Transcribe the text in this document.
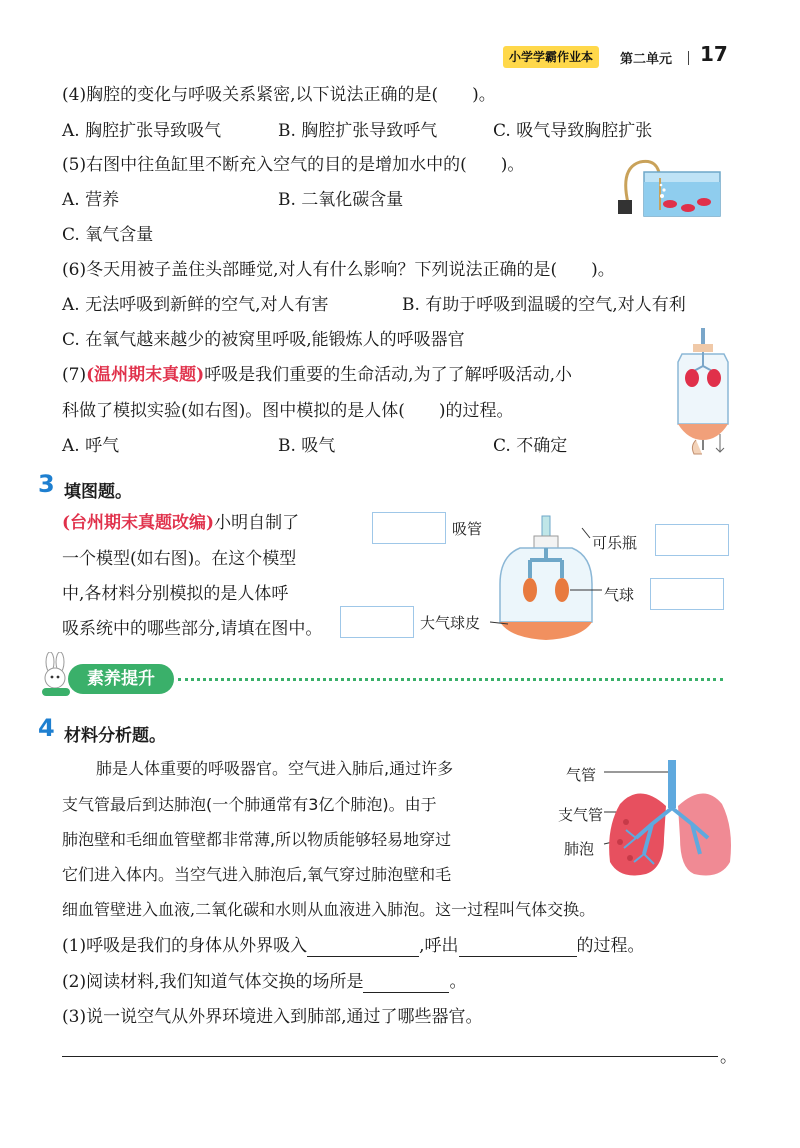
小学学霸作业本	第二单元 17
(4)胸腔的变化与呼吸关系紧密,以下说法正确的是(　　)。
A. 胸腔扩张导致吸气	B. 胸腔扩张导致呼气	C. 吸气导致胸腔扩张
(5)右图中往鱼缸里不断充入空气的目的是增加水中的(　　)。
A. 营养	B. 二氧化碳含量
C. 氧气含量
(6)冬天用被子盖住头部睡觉,对人有什么影响？下列说法正确的是(　　)。
A. 无法呼吸到新鲜的空气,对人有害	B. 有助于呼吸到温暖的空气,对人有利
C. 在氧气越来越少的被窝里呼吸,能锻炼人的呼吸器官
(7)(温州期末真题)呼吸是我们重要的生命活动,为了了解呼吸活动,小
科做了模拟实验(如右图)。图中模拟的是人体(　　)的过程。
A. 呼气	B. 吸气	C. 不确定
3 填图题。
(台州期末真题改编)小明自制了
一个模型(如右图)。在这个模型
中,各材料分别模拟的是人体呼
吸系统中的哪些部分,请填在图中。
吸管
可乐瓶
气球
大气球皮
素养提升
4 材料分析题。
肺是人体重要的呼吸器官。空气进入肺后,通过许多
支气管最后到达肺泡(一个肺通常有3亿个肺泡)。由于
肺泡壁和毛细血管壁都非常薄,所以物质能够轻易地穿过
它们进入体内。当空气进入肺泡后,氧气穿过肺泡壁和毛
细血管壁进入血液,二氧化碳和水则从血液进入肺泡。这一过程叫气体交换。
气管
支气管
肺泡
(1)呼吸是我们的身体从外界吸入	,呼出	的过程。
(2)阅读材料,我们知道气体交换的场所是	。
(3)说一说空气从外界环境进入到肺部,通过了哪些器官。
。
